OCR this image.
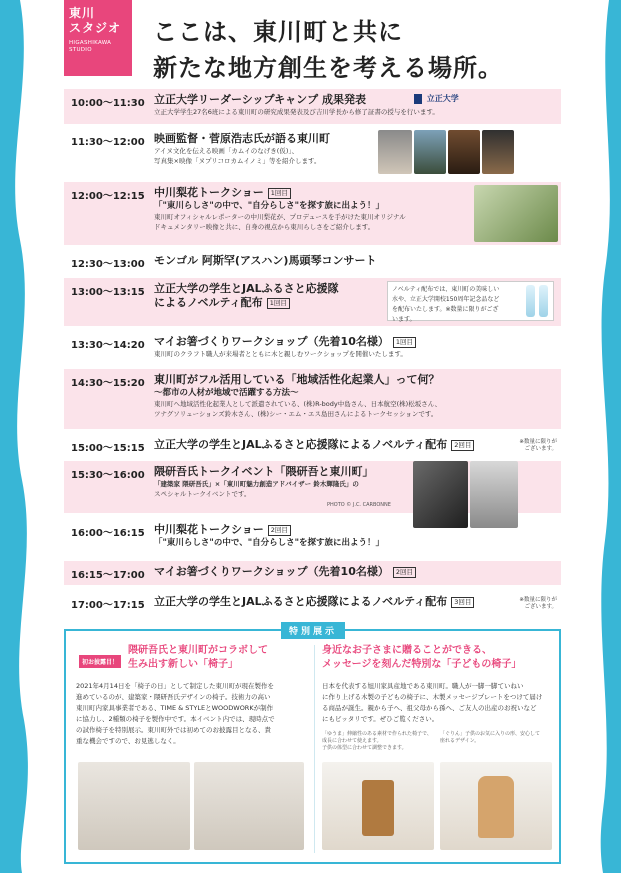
東川
スタジオ
HIGASHIKAWA STUDIO
ここは、東川町と共に
新たな地方創生を考える場所。
10:00～11:30 立正大学リーダーシップキャンプ 成果発表
立正大学学生27名6班による東川町の研究成果発表及び吉川学長から修了証書の授与を行います。
立正大学
11:30～12:00 映画監督・菅原浩志氏が語る東川町
アイヌ文化を伝える映画「カムイのなげき(仮)」、
写真集×映像「ヌプリコロカムイノミ」等を紹介します。
12:00～12:15 中川梨花トークショー 1回目
「"東川らしさ"の中で、"自分らしさ"を探す旅に出よう！」
東川町オフィシャルレポーターの中川梨花が、プロデュースを手がけた東川オリジナル
ドキュメンタリー映像と共に、自身の視点から東川らしさをご紹介します。
12:30～13:00 モンゴル 阿斯罕(アスハン)馬頭琴コンサート
13:00～13:15 立正大学の学生とJALふるさと応援隊
によるノベルティ配布 1回目
ノベルティ配布では、東川町の美味しい水や、立正大学開校150周年記念品などを配布いたします。※数量に限りがございます。
13:30～14:20 マイお箸づくりワークショップ（先着10名様） 1回目
東川町のクラフト職人が来場者とともに木と親しむワークショップを開催いたします。
14:30～15:20 東川町がフル活用している「地域活性化起業人」って何？
～都市の人材が地域で活躍する方法～
東川町へ地域活性化起業人として派遣されている、(株)R-body中島さん、日本航空(株)松坂さん、
ツナグソリューションズ鈴木さん、(株)シー・エム・エス島田さんによるトークセッションです。
15:00～15:15 立正大学の学生とJALふるさと応援隊によるノベルティ配布 2回目	※数量に限りがございます。
15:30～16:00 隈研吾氏トークイベント「隈研吾と東川町」
「建築家 隈研吾氏」×「東川町魅力創造アドバイザー 鈴木輝隆氏」の
スペシャルトークイベントです。
PHOTO © J.C. CARBONNE
16:00～16:15 中川梨花トークショー 2回目
「"東川らしさ"の中で、"自分らしさ"を探す旅に出よう！」
16:15～17:00 マイお箸づくりワークショップ（先着10名様） 2回目
17:00～17:15 立正大学の学生とJALふるさと応援隊によるノベルティ配布 3回目	※数量に限りがございます。
特別展示
初お披露目！
隈研吾氏と東川町がコラボして
生み出す新しい「椅子」
2021年4月14日を「椅子の日」として制定した東川町が現在製作を
進めているのが、建築家・隈研吾氏デザインの椅子。技術力の高い
東川町内家具事業者である、TIME & STYLEとWOODWORKが制作
に協力し、2種類の椅子を製作中です。本イベント内では、現時点で
の試作椅子を特別展示。東川町外では初めてのお披露目となる、貴
重な機会ですので、お見逃しなく。
身近なお子さまに贈ることができる、
メッセージを刻んだ特別な「子どもの椅子」
日本を代表する旭川家具産地である東川町。職人が一脚一脚ていねい
に作り上げる木製の子どもの椅子に、木製メッセージプレートをつけて届け
る商品が誕生。親から子へ、祖父母から孫へ、ご友人の出産のお祝いなど
にもピッタリです。ぜひご覧ください。
「ゆうま」伸縮性のある素材で作られた椅子で、成長に合わせて使えます。
子供の体型に合わせて調整できます。
「ぐりん」子供のお気に入りの形、安心して
座れるデザイン。
